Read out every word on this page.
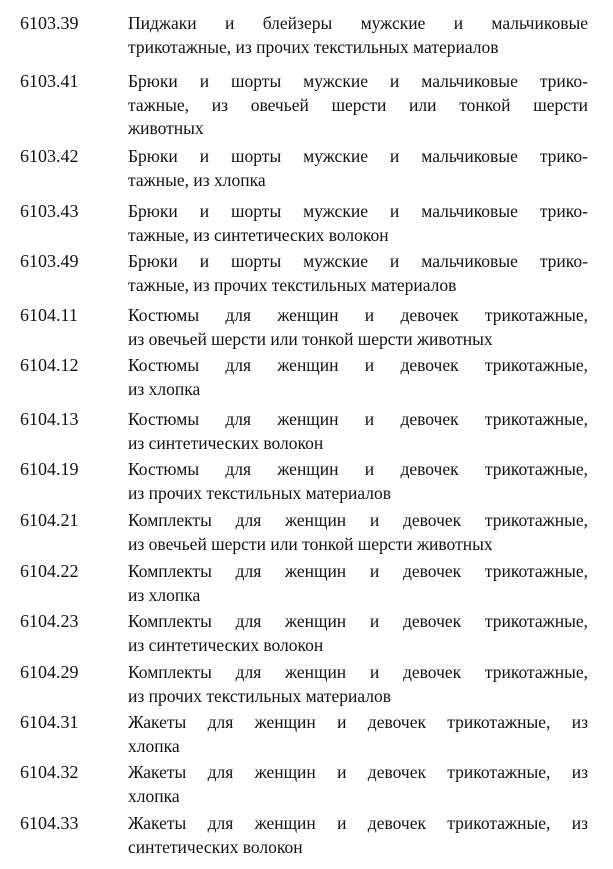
6103.39	Пиджаки и блейзеры мужские и мальчиковые
трикотажные, из прочих текстильных материалов
6103.41	Брюки и шорты мужские и мальчиковые трико-
тажные, из овечьей шерсти или тонкой шерсти
животных
6103.42	Брюки и шорты мужские и мальчиковые трико-
тажные, из хлопка
6103.43	Брюки и шорты мужские и мальчиковые трико-
тажные, из синтетических волокон
6103.49	Брюки и шорты мужские и мальчиковые трико-
тажные, из прочих текстильных материалов
6104.11	Костюмы для женщин и девочек трикотажные,
из овечьей шерсти или тонкой шерсти животных
6104.12	Костюмы для женщин и девочек трикотажные,
из хлопка
6104.13	Костюмы для женщин и девочек трикотажные,
из синтетических волокон
6104.19	Костюмы для женщин и девочек трикотажные,
из прочих текстильных материалов
6104.21	Комплекты для женщин и девочек трикотажные,
из овечьей шерсти или тонкой шерсти животных
6104.22	Комплекты для женщин и девочек трикотажные,
из хлопка
6104.23	Комплекты для женщин и девочек трикотажные,
из синтетических волокон
6104.29	Комплекты для женщин и девочек трикотажные,
из прочих текстильных материалов
6104.31	Жакеты для женщин и девочек трикотажные, из
хлопка
6104.32	Жакеты для женщин и девочек трикотажные, из
хлопка
6104.33	Жакеты для женщин и девочек трикотажные, из
синтетических волокон
